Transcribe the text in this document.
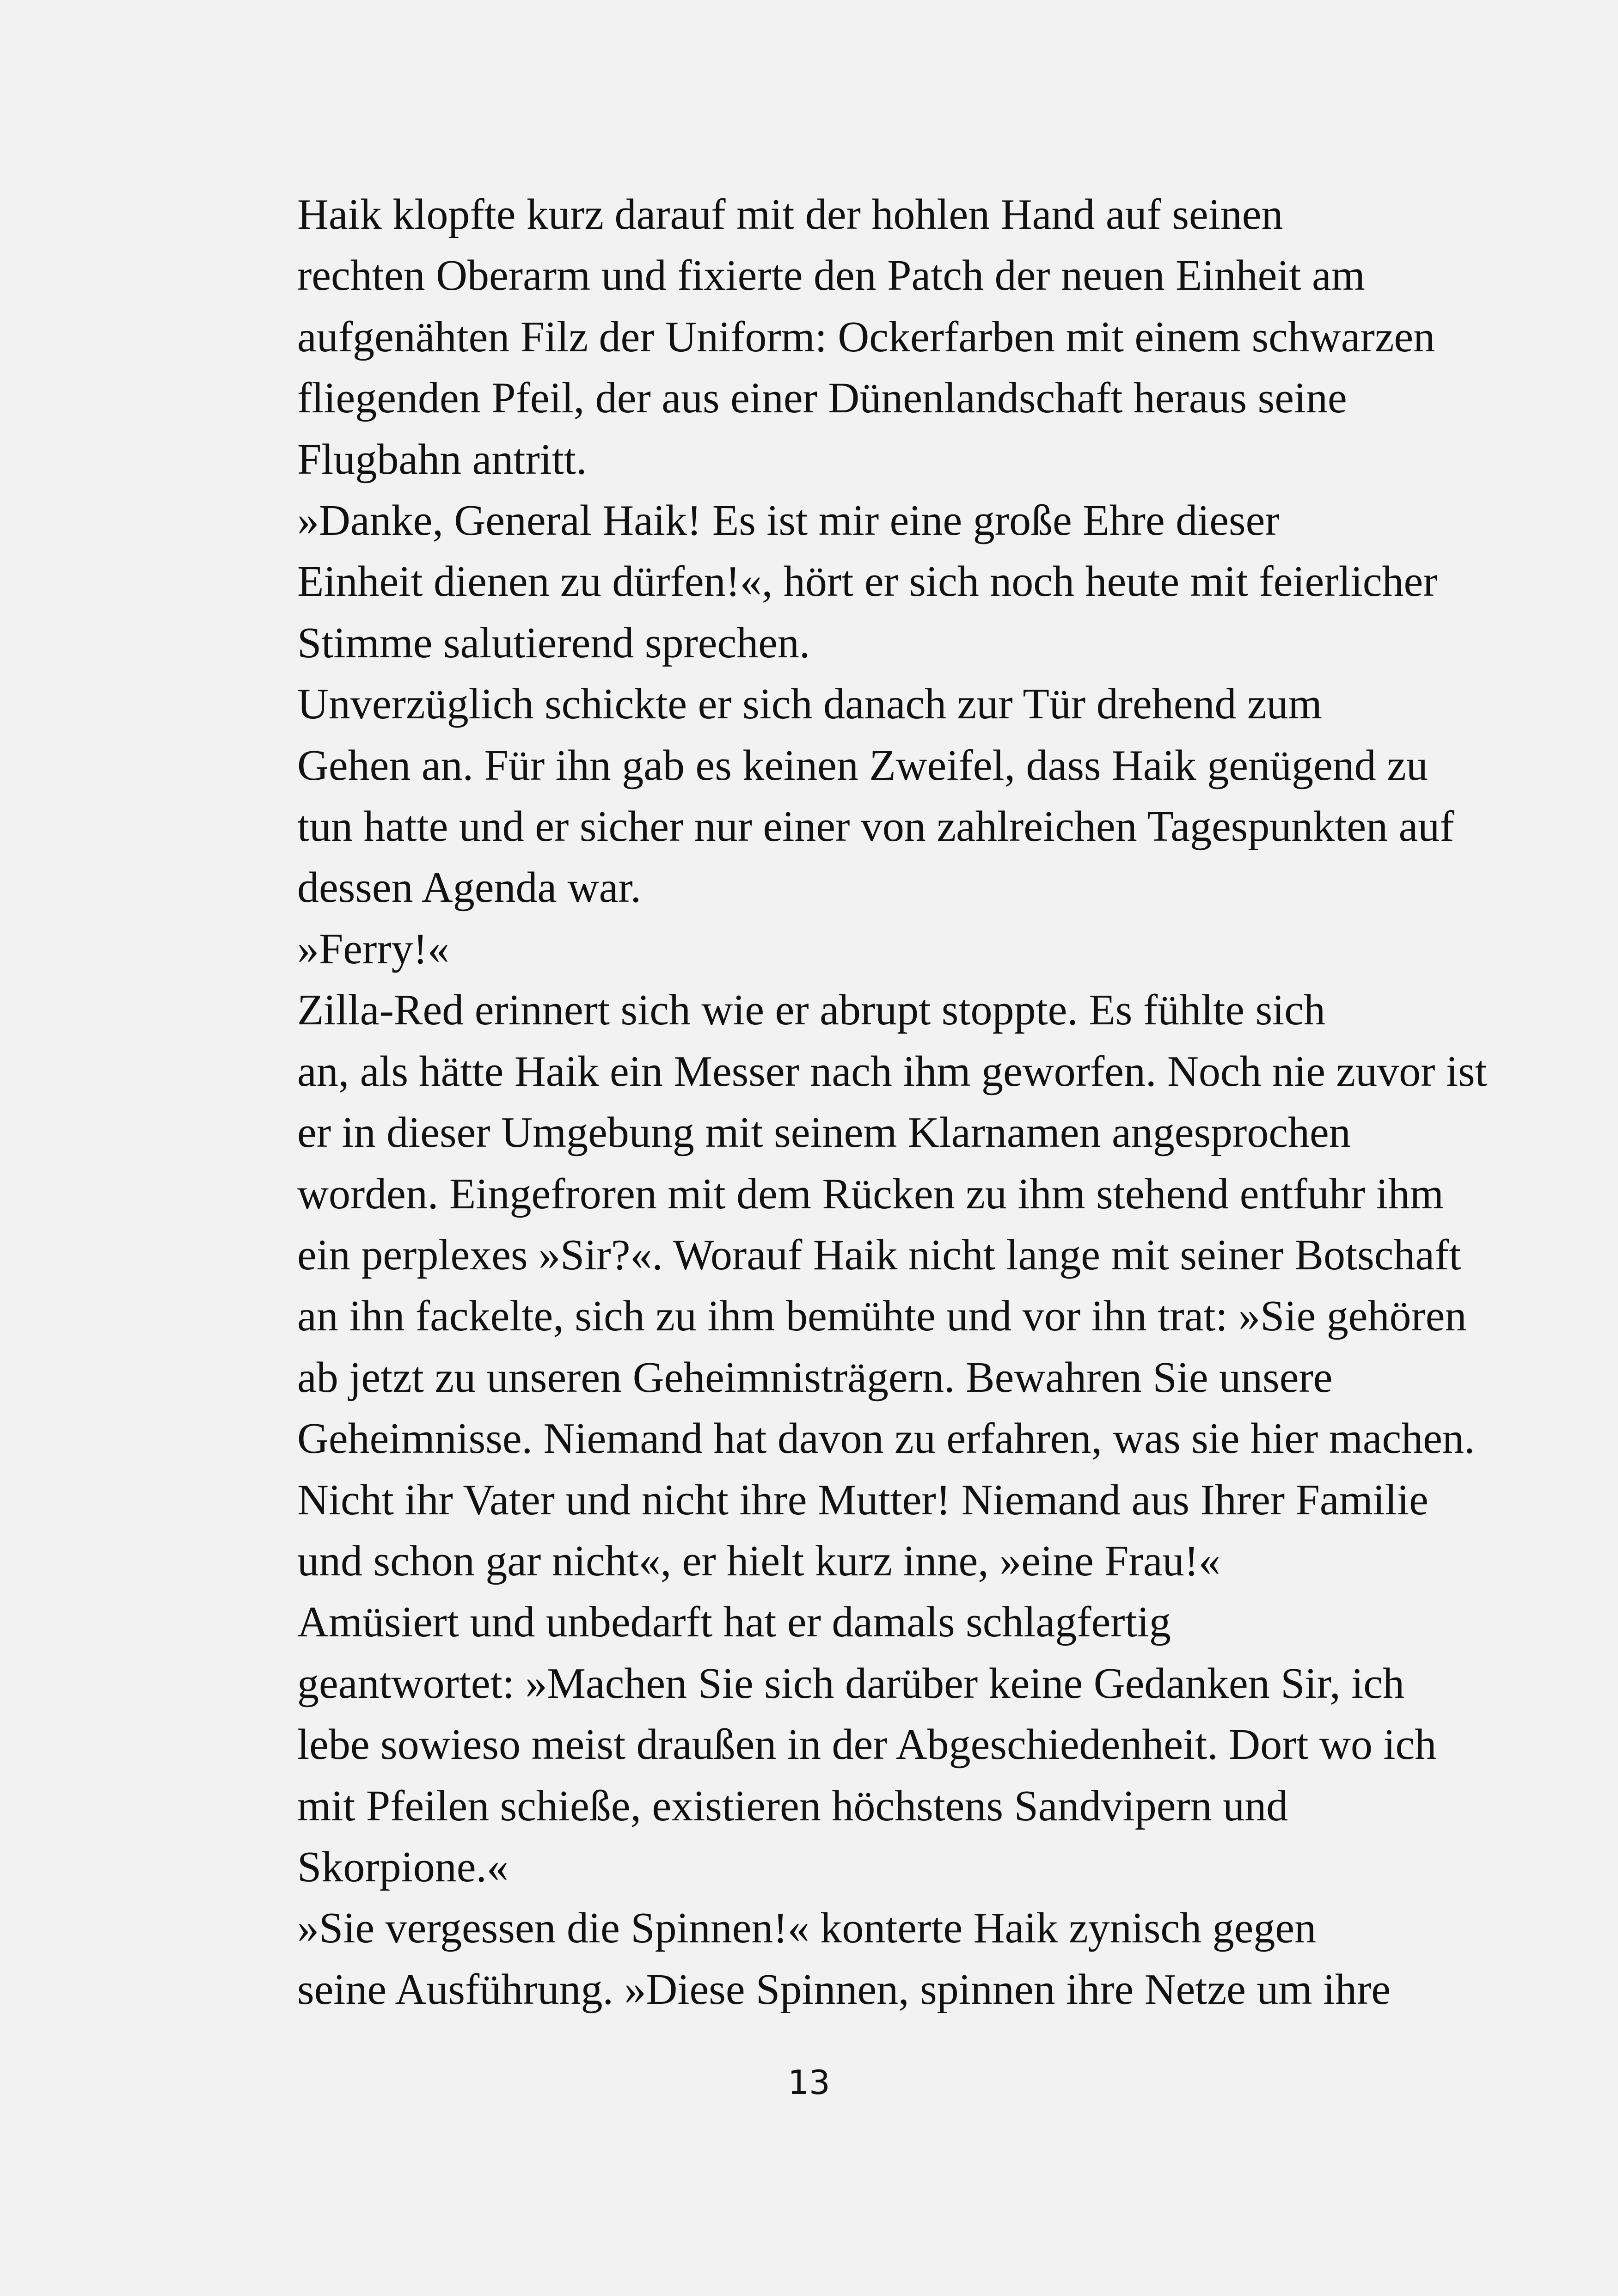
Haik klopfte kurz darauf mit der hohlen Hand auf seinen
rechten Oberarm und fixierte den Patch der neuen Einheit am
aufgenähten Filz der Uniform: Ockerfarben mit einem schwarzen
fliegenden Pfeil, der aus einer Dünenlandschaft heraus seine
Flugbahn antritt.

»Danke, General Haik! Es ist mir eine große Ehre dieser
Einheit dienen zu dürfen!«, hört er sich noch heute mit feierlicher
Stimme salutierend sprechen.

Unverzüglich schickte er sich danach zur Tür drehend zum
Gehen an. Für ihn gab es keinen Zweifel, dass Haik genügend zu
tun hatte und er sicher nur einer von zahlreichen Tagespunkten auf
dessen Agenda war.

»Ferry!«

Zilla-Red erinnert sich wie er abrupt stoppte. Es fühlte sich
an, als hätte Haik ein Messer nach ihm geworfen. Noch nie zuvor ist
er in dieser Umgebung mit seinem Klarnamen angesprochen
worden. Eingefroren mit dem Rücken zu ihm stehend entfuhr ihm
ein perplexes »Sir?«. Worauf Haik nicht lange mit seiner Botschaft
an ihn fackelte, sich zu ihm bemühte und vor ihn trat: »Sie gehören
ab jetzt zu unseren Geheimnisträgern. Bewahren Sie unsere
Geheimnisse. Niemand hat davon zu erfahren, was sie hier machen.
Nicht ihr Vater und nicht ihre Mutter! Niemand aus Ihrer Familie
und schon gar nicht«, er hielt kurz inne, »eine Frau!«

Amüsiert und unbedarft hat er damals schlagfertig
geantwortet: »Machen Sie sich darüber keine Gedanken Sir, ich
lebe sowieso meist draußen in der Abgeschiedenheit. Dort wo ich
mit Pfeilen schieße, existieren höchstens Sandvipern und
Skorpione.«

»Sie vergessen die Spinnen!« konterte Haik zynisch gegen
seine Ausführung. »Diese Spinnen, spinnen ihre Netze um ihre

13
